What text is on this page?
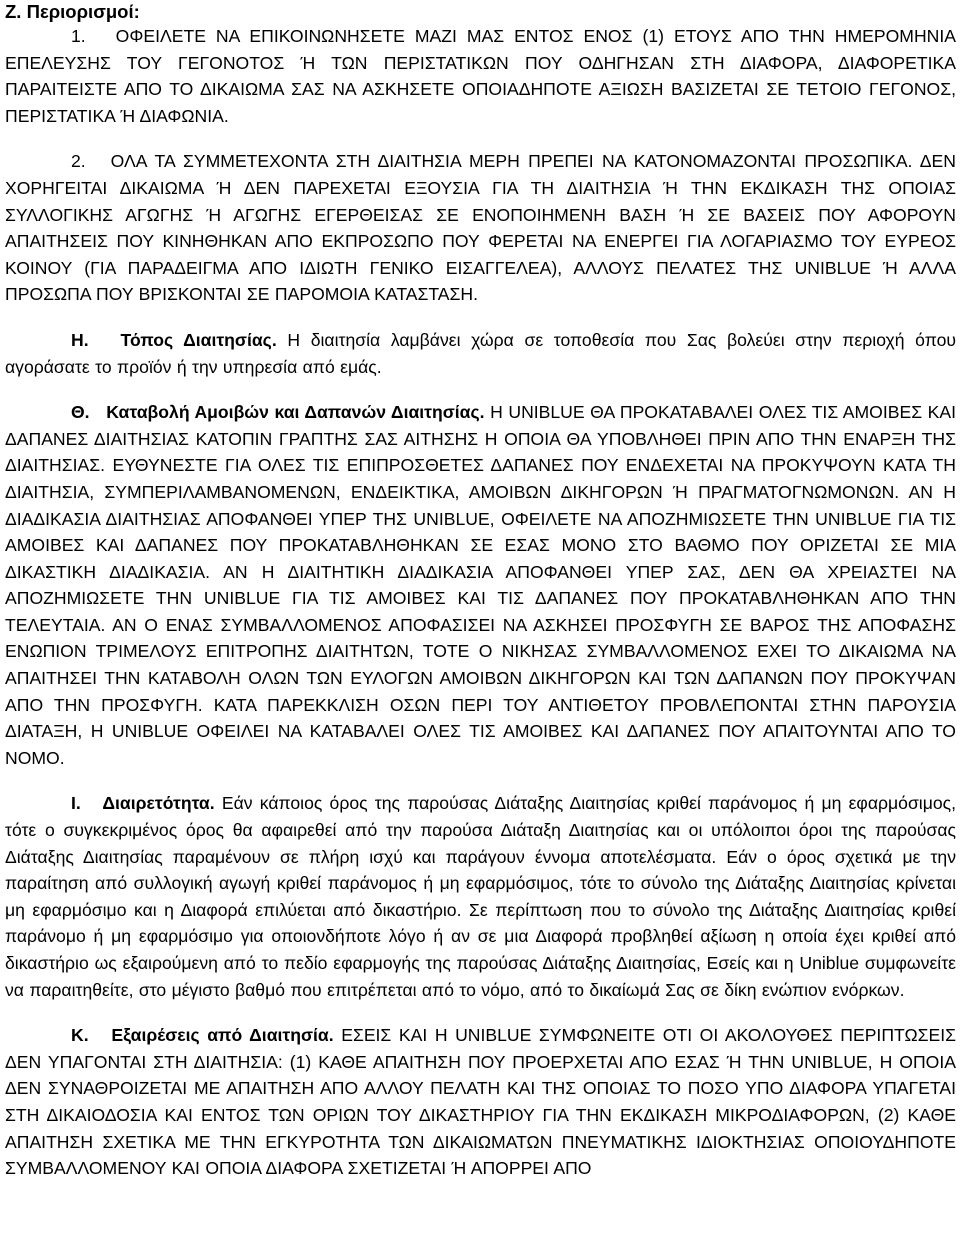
Z. Περιορισμοί:

1. ΟΦΕΙΛΕΤΕ ΝΑ ΕΠΙΚΟΙΝΩΝΗΣΕΤΕ ΜΑΖΙ ΜΑΣ ΕΝΤΟΣ ΕΝΟΣ (1) ΕΤΟΥΣ ΑΠΟ ΤΗΝ ΗΜΕΡΟΜΗΝΙΑ ΕΠΕΛΕΥΣΗΣ ΤΟΥ ΓΕΓΟΝΟΤΟΣ Ή ΤΩΝ ΠΕΡΙΣΤΑΤΙΚΩΝ ΠΟΥ ΟΔΗΓΗΣΑΝ ΣΤΗ ΔΙΑΦΟΡΑ, ΔΙΑΦΟΡΕΤΙΚΑ ΠΑΡΑΙΤΕΙΣΤΕ ΑΠΟ ΤΟ ΔΙΚΑΙΩΜΑ ΣΑΣ ΝΑ ΑΣΚΗΣΕΤΕ ΟΠΟΙΑΔΗΠΟΤΕ ΑΞΙΩΣΗ ΒΑΣΙΖΕΤΑΙ ΣΕ ΤΕΤΟΙΟ ΓΕΓΟΝΟΣ, ΠΕΡΙΣΤΑΤΙΚΑ Ή ΔΙΑΦΩΝΙΑ.

2. ΟΛΑ ΤΑ ΣΥΜΜΕΤΕΧΟΝΤΑ ΣΤΗ ΔΙΑΙΤΗΣΙΑ ΜΕΡΗ ΠΡΕΠΕΙ ΝΑ ΚΑΤΟΝΟΜΑΖΟΝΤΑΙ ΠΡΟΣΩΠΙΚΑ. ΔΕΝ ΧΟΡΗΓΕΙΤΑΙ ΔΙΚΑΙΩΜΑ Ή ΔΕΝ ΠΑΡΕΧΕΤΑΙ ΕΞΟΥΣΙΑ ΓΙΑ ΤΗ ΔΙΑΙΤΗΣΙΑ Ή ΤΗΝ ΕΚΔΙΚΑΣΗ ΤΗΣ ΟΠΟΙΑΣ ΣΥΛΛΟΓΙΚΗΣ ΑΓΩΓΗΣ Ή ΑΓΩΓΗΣ ΕΓΕΡΘΕΙΣΑΣ ΣΕ ΕΝΟΠΟΙΗΜΕΝΗ ΒΑΣΗ Ή ΣΕ ΒΑΣΕΙΣ ΠΟΥ ΑΦΟΡΟΥΝ ΑΠΑΙΤΗΣΕΙΣ ΠΟΥ ΚΙΝΗΘΗΚΑΝ ΑΠΟ ΕΚΠΡΟΣΩΠΟ ΠΟΥ ΦΕΡΕΤΑΙ ΝΑ ΕΝΕΡΓΕΙ ΓΙΑ ΛΟΓΑΡΙΑΣΜΟ ΤΟΥ ΕΥΡΕΟΣ ΚΟΙΝΟΥ (ΓΙΑ ΠΑΡΑΔΕΙΓΜΑ ΑΠΟ ΙΔΙΩΤΗ ΓΕΝΙΚΟ ΕΙΣΑΓΓΕΛΕΑ), ΑΛΛΟΥΣ ΠΕΛΑΤΕΣ ΤΗΣ UNIBLUE Ή ΑΛΛΑ ΠΡΟΣΩΠΑ ΠΟΥ ΒΡΙΣΚΟΝΤΑΙ ΣΕ ΠΑΡΟΜΟΙΑ ΚΑΤΑΣΤΑΣΗ.

H. Τόπος Διαιτησίας. Η διαιτησία λαμβάνει χώρα σε τοποθεσία που Σας βολεύει στην περιοχή όπου αγοράσατε το προϊόν ή την υπηρεσία από εμάς.

Θ. Καταβολή Αμοιβών και Δαπανών Διαιτησίας. Η UNIBLUE ΘΑ ΠΡΟΚΑΤΑΒΑΛΕΙ ΟΛΕΣ ΤΙΣ ΑΜΟΙΒΕΣ ΚΑΙ ΔΑΠΑΝΕΣ ΔΙΑΙΤΗΣΙΑΣ ΚΑΤΟΠΙΝ ΓΡΑΠΤΗΣ ΣΑΣ ΑΙΤΗΣΗΣ Η ΟΠΟΙΑ ΘΑ ΥΠΟΒΛΗΘΕΙ ΠΡΙΝ ΑΠΟ ΤΗΝ ΕΝΑΡΞΗ ΤΗΣ ΔΙΑΙΤΗΣΙΑΣ. ΕΥΘΥΝΕΣΤΕ ΓΙΑ ΟΛΕΣ ΤΙΣ ΕΠΙΠΡΟΣΘΕΤΕΣ ΔΑΠΑΝΕΣ ΠΟΥ ΕΝΔΕΧΕΤΑΙ ΝΑ ΠΡΟΚΥΨΟΥΝ ΚΑΤΑ ΤΗ ΔΙΑΙΤΗΣΙΑ, ΣΥΜΠΕΡΙΛΑΜΒΑΝΟΜΕΝΩΝ, ΕΝΔΕΙΚΤΙΚΑ, ΑΜΟΙΒΩΝ ΔΙΚΗΓΟΡΩΝ Ή ΠΡΑΓΜΑΤΟΓΝΩΜΟΝΩΝ. ΑΝ Η ΔΙΑΔΙΚΑΣΙΑ ΔΙΑΙΤΗΣΙΑΣ ΑΠΟΦΑΝΘΕΙ ΥΠΕΡ ΤΗΣ UNIBLUE, ΟΦΕΙΛΕΤΕ ΝΑ ΑΠΟΖΗΜΙΩΣΕΤΕ ΤΗΝ UNIBLUE ΓΙΑ ΤΙΣ ΑΜΟΙΒΕΣ ΚΑΙ ΔΑΠΑΝΕΣ ΠΟΥ ΠΡΟΚΑΤΑΒΛΗΘΗΚΑΝ ΣΕ ΕΣΑΣ ΜΟΝΟ ΣΤΟ ΒΑΘΜΟ ΠΟΥ ΟΡΙΖΕΤΑΙ ΣΕ ΜΙΑ ΔΙΚΑΣΤΙΚΗ ΔΙΑΔΙΚΑΣΙΑ. ΑΝ Η ΔΙΑΙΤΗΤΙΚΗ ΔΙΑΔΙΚΑΣΙΑ ΑΠΟΦΑΝΘΕΙ ΥΠΕΡ ΣΑΣ, ΔΕΝ ΘΑ ΧΡΕΙΑΣΤΕΙ ΝΑ ΑΠΟΖΗΜΙΩΣΕΤΕ ΤΗΝ UNIBLUE ΓΙΑ ΤΙΣ ΑΜΟΙΒΕΣ ΚΑΙ ΤΙΣ ΔΑΠΑΝΕΣ ΠΟΥ ΠΡΟΚΑΤΑΒΛΗΘΗΚΑΝ ΑΠΟ ΤΗΝ ΤΕΛΕΥΤΑΙΑ. ΑΝ Ο ΕΝΑΣ ΣΥΜΒΑΛΛΟΜΕΝΟΣ ΑΠΟΦΑΣΙΣΕΙ ΝΑ ΑΣΚΗΣΕΙ ΠΡΟΣΦΥΓΗ ΣΕ ΒΑΡΟΣ ΤΗΣ ΑΠΟΦΑΣΗΣ ΕΝΩΠΙΟΝ ΤΡΙΜΕΛΟΥΣ ΕΠΙΤΡΟΠΗΣ ΔΙΑΙΤΗΤΩΝ, ΤΟΤΕ Ο ΝΙΚΗΣΑΣ ΣΥΜΒΑΛΛΟΜΕΝΟΣ ΕΧΕΙ ΤΟ ΔΙΚΑΙΩΜΑ ΝΑ ΑΠΑΙΤΗΣΕΙ ΤΗΝ ΚΑΤΑΒΟΛΗ ΟΛΩΝ ΤΩΝ ΕΥΛΟΓΩΝ ΑΜΟΙΒΩΝ ΔΙΚΗΓΟΡΩΝ ΚΑΙ ΤΩΝ ΔΑΠΑΝΩΝ ΠΟΥ ΠΡΟΚΥΨΑΝ ΑΠΟ ΤΗΝ ΠΡΟΣΦΥΓΗ. ΚΑΤΑ ΠΑΡΕΚΚΛΙΣΗ ΟΣΩΝ ΠΕΡΙ ΤΟΥ ΑΝΤΙΘΕΤΟΥ ΠΡΟΒΛΕΠΟΝΤΑΙ ΣΤΗΝ ΠΑΡΟΥΣΙΑ ΔΙΑΤΑΞΗ, Η UNIBLUE ΟΦΕΙΛΕΙ ΝΑ ΚΑΤΑΒΑΛΕΙ ΟΛΕΣ ΤΙΣ ΑΜΟΙΒΕΣ ΚΑΙ ΔΑΠΑΝΕΣ ΠΟΥ ΑΠΑΙΤΟΥΝΤΑΙ ΑΠΟ ΤΟ ΝΟΜΟ.

I. Διαιρετότητα. Εάν κάποιος όρος της παρούσας Διάταξης Διαιτησίας κριθεί παράνομος ή μη εφαρμόσιμος, τότε ο συγκεκριμένος όρος θα αφαιρεθεί από την παρούσα Διάταξη Διαιτησίας και οι υπόλοιποι όροι της παρούσας Διάταξης Διαιτησίας παραμένουν σε πλήρη ισχύ και παράγουν έννομα αποτελέσματα. Εάν ο όρος σχετικά με την παραίτηση από συλλογική αγωγή κριθεί παράνομος ή μη εφαρμόσιμος, τότε το σύνολο της Διάταξης Διαιτησίας κρίνεται μη εφαρμόσιμο και η Διαφορά επιλύεται από δικαστήριο. Σε περίπτωση που το σύνολο της Διάταξης Διαιτησίας κριθεί παράνομο ή μη εφαρμόσιμο για οποιονδήποτε λόγο ή αν σε μια Διαφορά προβληθεί αξίωση η οποία έχει κριθεί από δικαστήριο ως εξαιρούμενη από το πεδίο εφαρμογής της παρούσας Διάταξης Διαιτησίας, Εσείς και η Uniblue συμφωνείτε να παραιτηθείτε, στο μέγιστο βαθμό που επιτρέπεται από το νόμο, από το δικαίωμά Σας σε δίκη ενώπιον ενόρκων.

K. Εξαιρέσεις από Διαιτησία. ΕΣΕΙΣ ΚΑΙ Η UNIBLUE ΣΥΜΦΩΝΕΙΤΕ ΟΤΙ ΟΙ ΑΚΟΛΟΥΘΕΣ ΠΕΡΙΠΤΩΣΕΙΣ ΔΕΝ ΥΠΑΓΟΝΤΑΙ ΣΤΗ ΔΙΑΙΤΗΣΙΑ: (1) ΚΑΘΕ ΑΠΑΙΤΗΣΗ ΠΟΥ ΠΡΟΕΡΧΕΤΑΙ ΑΠΟ ΕΣΑΣ Ή ΤΗΝ UNIBLUE, Η ΟΠΟΙΑ ΔΕΝ ΣΥΝΑΘΡΟΙΖΕΤΑΙ ΜΕ ΑΠΑΙΤΗΣΗ ΑΠΟ ΑΛΛΟΥ ΠΕΛΑΤΗ ΚΑΙ ΤΗΣ ΟΠΟΙΑΣ ΤΟ ΠΟΣΟ ΥΠΟ ΔΙΑΦΟΡΑ ΥΠΑΓΕΤΑΙ ΣΤΗ ΔΙΚΑΙΟΔΟΣΙΑ ΚΑΙ ΕΝΤΟΣ ΤΩΝ ΟΡΙΩΝ ΤΟΥ ΔΙΚΑΣΤΗΡΙΟΥ ΓΙΑ ΤΗΝ ΕΚΔΙΚΑΣΗ ΜΙΚΡΟΔΙΑΦΟΡΩΝ, (2) ΚΑΘΕ ΑΠΑΙΤΗΣΗ ΣΧΕΤΙΚΑ ΜΕ ΤΗΝ ΕΓΚΥΡΟΤΗΤΑ ΤΩΝ ΔΙΚΑΙΩΜΑΤΩΝ ΠΝΕΥΜΑΤΙΚΗΣ ΙΔΙΟΚΤΗΣΙΑΣ ΟΠΟΙΟΥΔΗΠΟΤΕ ΣΥΜΒΑΛΛΟΜΕΝΟΥ ΚΑΙ ΟΠΟΙΑ ΔΙΑΦΟΡΑ ΣΧΕΤΙΖΕΤΑΙ Ή ΑΠΟΡΡΕΙ ΑΠΟ
